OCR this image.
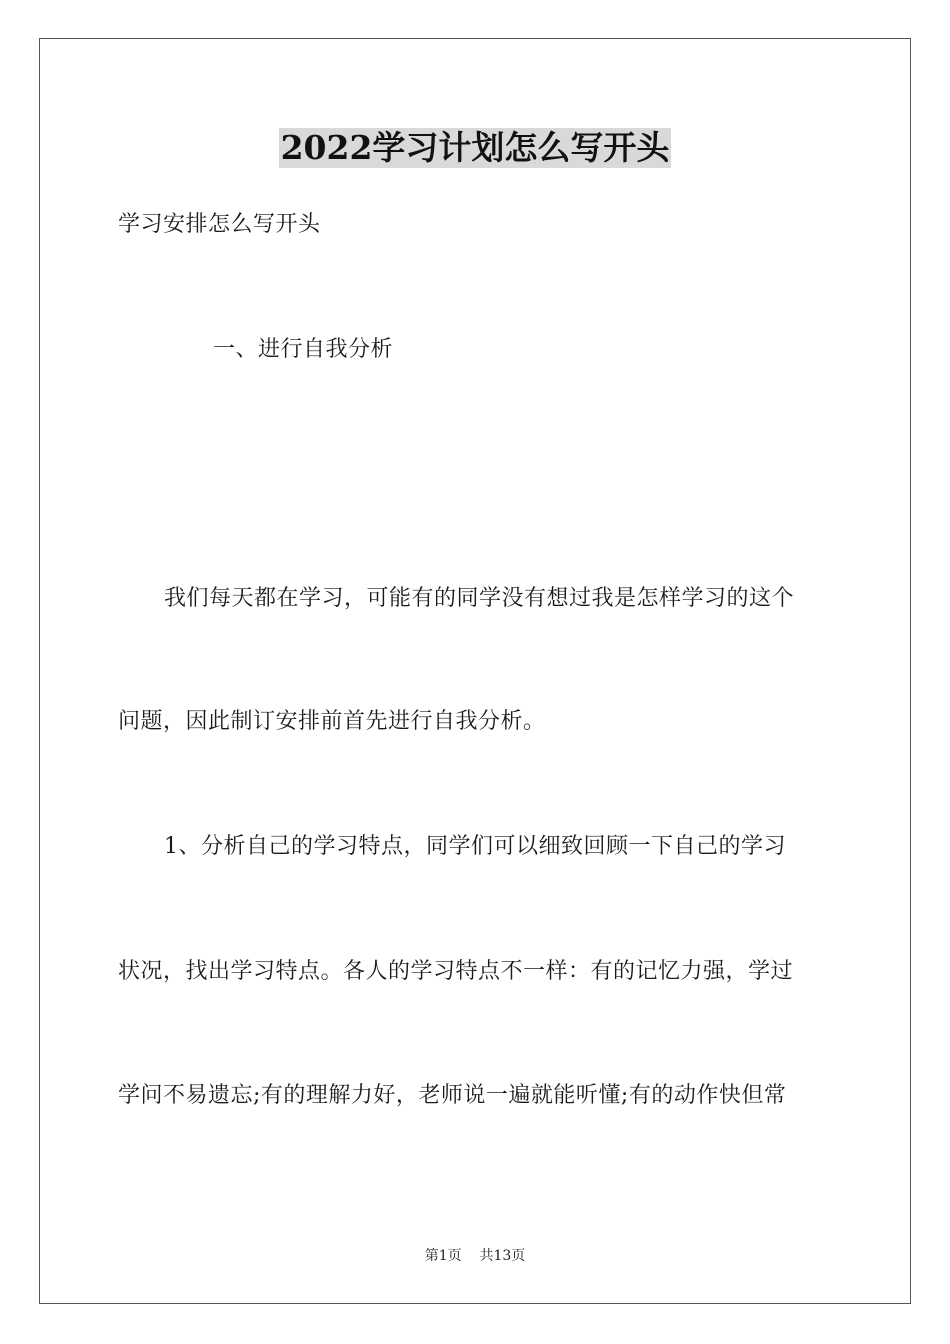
2022学习计划怎么写开头
学习安排怎么写开头
一、进行自我分析
我们每天都在学习，可能有的同学没有想过我是怎样学习的这个
问题，因此制订安排前首先进行自我分析。
1、分析自己的学习特点，同学们可以细致回顾一下自己的学习
状况，找出学习特点。各人的学习特点不一样：有的记忆力强，学过
学问不易遗忘;有的理解力好，老师说一遍就能听懂;有的动作快但常
第1页 共13页
